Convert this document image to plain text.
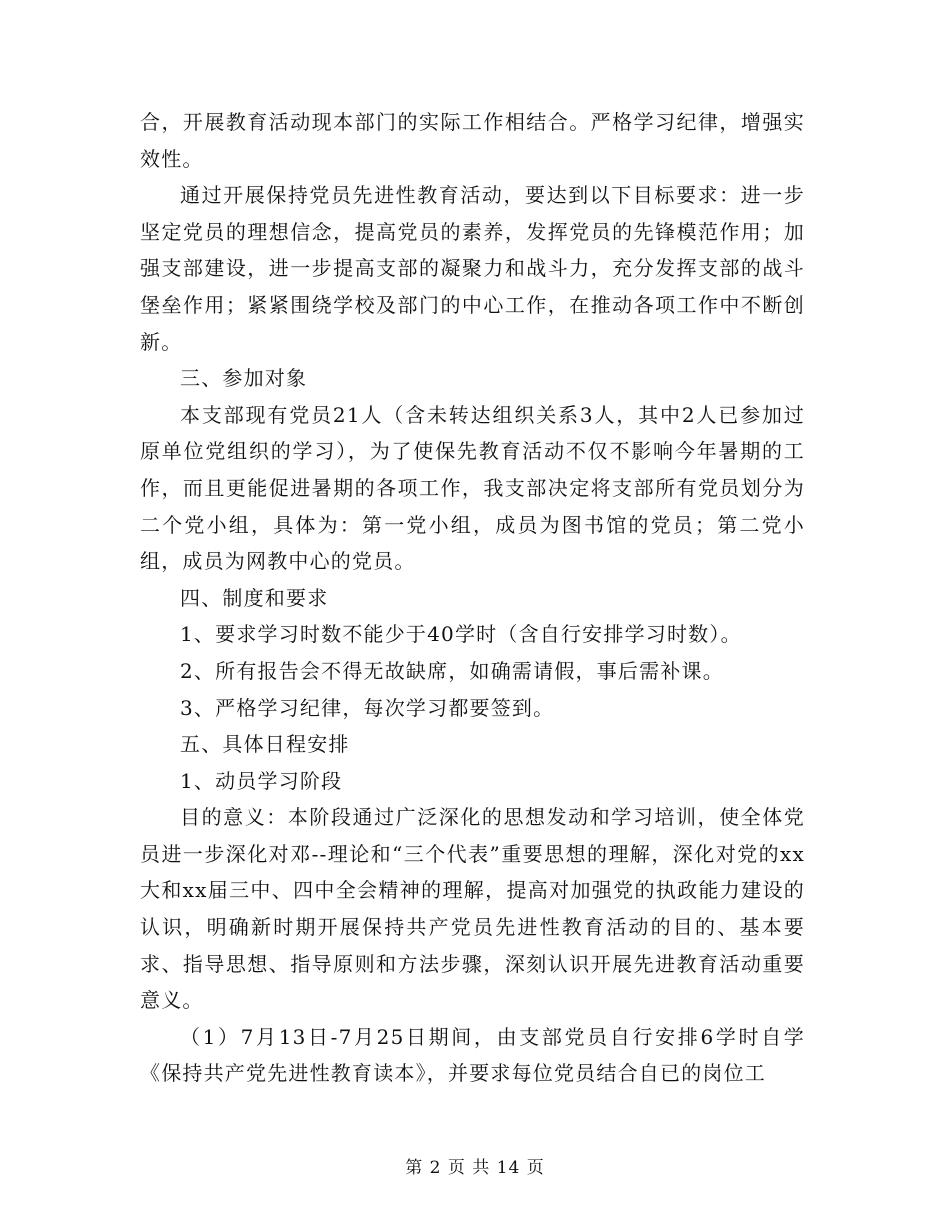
合，开展教育活动现本部门的实际工作相结合。严格学习纪律，增强实效性。

通过开展保持党员先进性教育活动，要达到以下目标要求：进一步坚定党员的理想信念，提高党员的素养，发挥党员的先锋模范作用；加强支部建设，进一步提高支部的凝聚力和战斗力，充分发挥支部的战斗堡垒作用；紧紧围绕学校及部门的中心工作，在推动各项工作中不断创新。

三、参加对象

本支部现有党员21人（含未转达组织关系3人，其中2人已参加过原单位党组织的学习），为了使保先教育活动不仅不影响今年暑期的工作，而且更能促进暑期的各项工作，我支部决定将支部所有党员划分为二个党小组，具体为：第一党小组，成员为图书馆的党员；第二党小组，成员为网教中心的党员。

四、制度和要求

1、要求学习时数不能少于40学时（含自行安排学习时数）。

2、所有报告会不得无故缺席，如确需请假，事后需补课。

3、严格学习纪律，每次学习都要签到。

五、具体日程安排

1、动员学习阶段

目的意义：本阶段通过广泛深化的思想发动和学习培训，使全体党员进一步深化对邓--理论和“三个代表”重要思想的理解，深化对党的xx大和xx届三中、四中全会精神的理解，提高对加强党的执政能力建设的认识，明确新时期开展保持共产党员先进性教育活动的目的、基本要求、指导思想、指导原则和方法步骤，深刻认识开展先进教育活动重要意义。

（1）7月13日-7月25日期间，由支部党员自行安排6学时自学《保持共产党先进性教育读本》，并要求每位党员结合自已的岗位工

第 2 页 共 14 页
